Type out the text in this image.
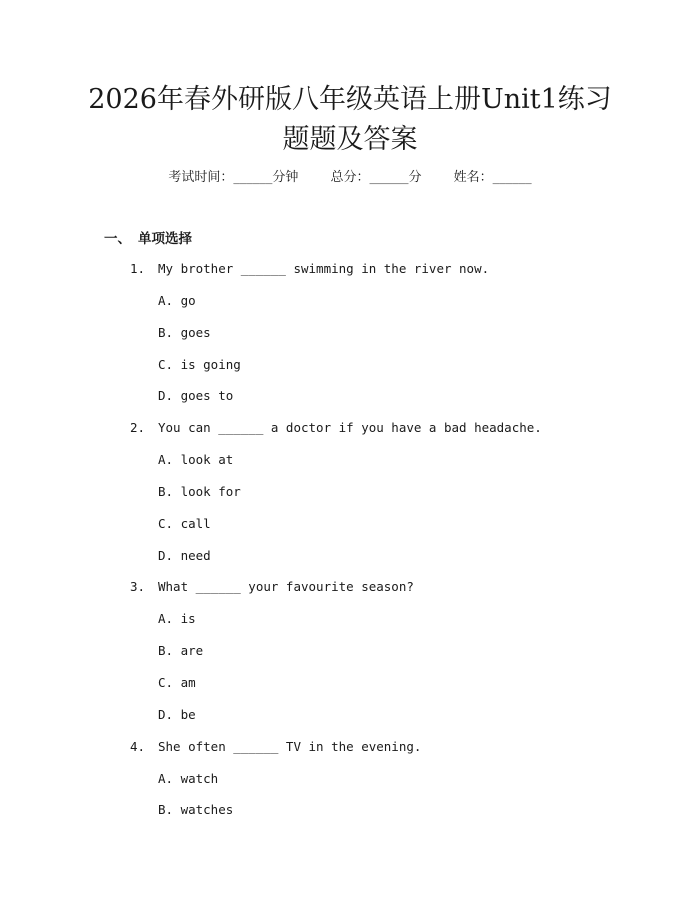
2026年春外研版八年级英语上册Unit1练习
题题及答案
考试时间：______分钟 总分：______分 姓名：______
一、 单项选择
1. My brother ______ swimming in the river now.
A. go
B. goes
C. is going
D. goes to
2. You can ______ a doctor if you have a bad headache.
A. look at
B. look for
C. call
D. need
3. What ______ your favourite season?
A. is
B. are
C. am
D. be
4. She often ______ TV in the evening.
A. watch
B. watches
